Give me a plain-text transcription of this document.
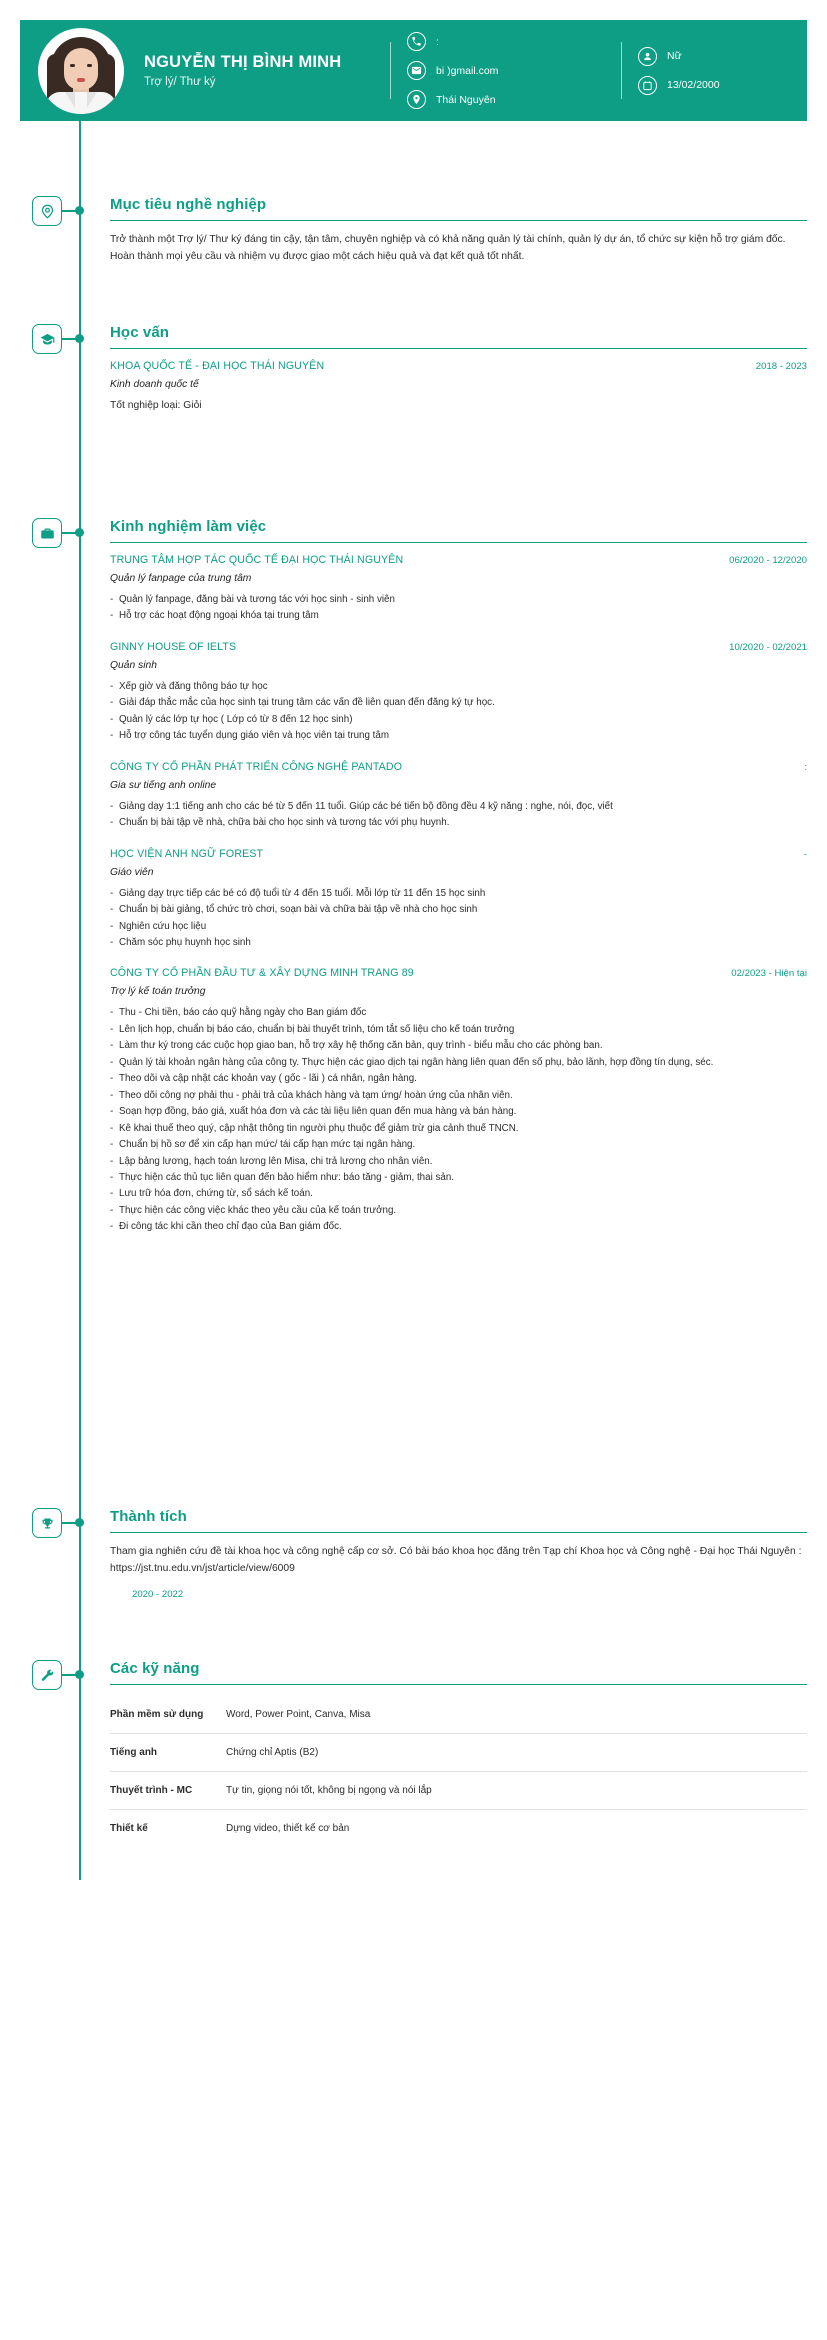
NGUYỄN THỊ BÌNH MINH
Trợ lý/ Thư ký
:
bi )gmail.com
Thái Nguyên
Nữ
13/02/2000
Mục tiêu nghề nghiệp

Trở thành một Trợ lý/ Thư ký đáng tin cậy, tận tâm, chuyên nghiệp và có khả năng quản lý tài chính, quản lý dự án, tổ chức sự kiện hỗ trợ giám đốc. Hoàn thành mọi yêu cầu và nhiệm vụ được giao một cách hiệu quả và đạt kết quả tốt nhất.

Học vấn
KHOA QUỐC TẾ - ĐẠI HỌC THÁI NGUYÊN	2018 - 2023
Kinh doanh quốc tế
Tốt nghiệp loại: Giỏi
Kinh nghiệm làm việc
TRUNG TÂM HỢP TÁC QUỐC TẾ ĐẠI HỌC THÁI NGUYÊN	06/2020 - 12/2020
Quản lý fanpage của trung tâm
- Quản lý fanpage, đăng bài và tương tác với học sinh - sinh viên
- Hỗ trợ các hoạt động ngoại khóa tại trung tâm
GINNY HOUSE OF IELTS	10/2020 - 02/2021
Quản sinh
- Xếp giờ và đăng thông báo tự học
- Giải đáp thắc mắc của học sinh tại trung tâm các vấn đề liên quan đến đăng ký tự học.
- Quản lý các lớp tự học ( Lớp có từ 8 đến 12 học sinh)
- Hỗ trợ công tác tuyển dụng giáo viên và học viên tại trung tâm
CÔNG TY CỔ PHẦN PHÁT TRIỂN CÔNG NGHỆ PANTADO	:
Gia sư tiếng anh online
- Giảng dạy 1:1 tiếng anh cho các bé từ 5 đến 11 tuổi. Giúp các bé tiến bộ đồng đều 4 kỹ năng : nghe, nói, đọc, viết
- Chuẩn bị bài tập về nhà, chữa bài cho học sinh và tương tác với phụ huynh.
HỌC VIỆN ANH NGỮ FOREST	-
Giáo viên
- Giảng dạy trực tiếp các bé có độ tuổi từ 4 đến 15 tuổi. Mỗi lớp từ 11 đến 15 học sinh
- Chuẩn bị bài giảng, tổ chức trò chơi, soạn bài và chữa bài tập về nhà cho học sinh
- Nghiên cứu học liệu
- Chăm sóc phụ huynh học sinh
CÔNG TY CỔ PHẦN ĐẦU TƯ & XÂY DỰNG MINH TRANG 89	02/2023 - Hiện tại
Trợ lý kế toán trưởng
- Thu - Chi tiền, báo cáo quỹ hằng ngày cho Ban giám đốc
- Lên lịch họp, chuẩn bị báo cáo, chuẩn bị bài thuyết trình, tóm tắt số liệu cho kế toán trưởng
- Làm thư ký trong các cuộc họp giao ban, hỗ trợ xây hệ thống căn bản, quy trình - biểu mẫu cho các phòng ban.
- Quản lý tài khoản ngân hàng của công ty. Thực hiện các giao dịch tại ngân hàng liên quan đến số phụ, bảo lãnh, hợp đồng tín dụng, séc.
- Theo dõi và cập nhật các khoản vay ( gốc - lãi ) cá nhân, ngân hàng.
- Theo dõi công nợ phải thu - phải trả của khách hàng và tạm ứng/ hoàn ứng của nhân viên.
- Soạn hợp đồng, báo giá, xuất hóa đơn và các tài liệu liên quan đến mua hàng và bán hàng.
- Kê khai thuế theo quý, cập nhật thông tin người phụ thuộc để giảm trừ gia cảnh thuế TNCN.
- Chuẩn bị hồ sơ để xin cấp hạn mức/ tái cấp hạn mức tại ngân hàng.
- Lập bảng lương, hạch toán lương lên Misa, chi trả lương cho nhân viên.
- Thực hiện các thủ tục liên quan đến bảo hiểm như: báo tăng - giảm, thai sản.
- Lưu trữ hóa đơn, chứng từ, sổ sách kế toán.
- Thực hiện các công việc khác theo yêu cầu của kế toán trưởng.
- Đi công tác khi cần theo chỉ đạo của Ban giám đốc.
Thành tích

Tham gia nghiên cứu đề tài khoa học và công nghệ cấp cơ sở. Có bài báo khoa học đăng trên Tạp chí Khoa học và Công nghệ - Đại học Thái Nguyên : https://jst.tnu.edu.vn/jst/article/view/6009

2020 - 2022
Các kỹ năng
Phần mềm sử dụng	Word, Power Point, Canva, Misa
Tiếng anh	Chứng chỉ Aptis (B2)
Thuyết trình - MC	Tự tin, giọng nói tốt, không bị ngọng và nói lắp
Thiết kế	Dựng video, thiết kế cơ bản
